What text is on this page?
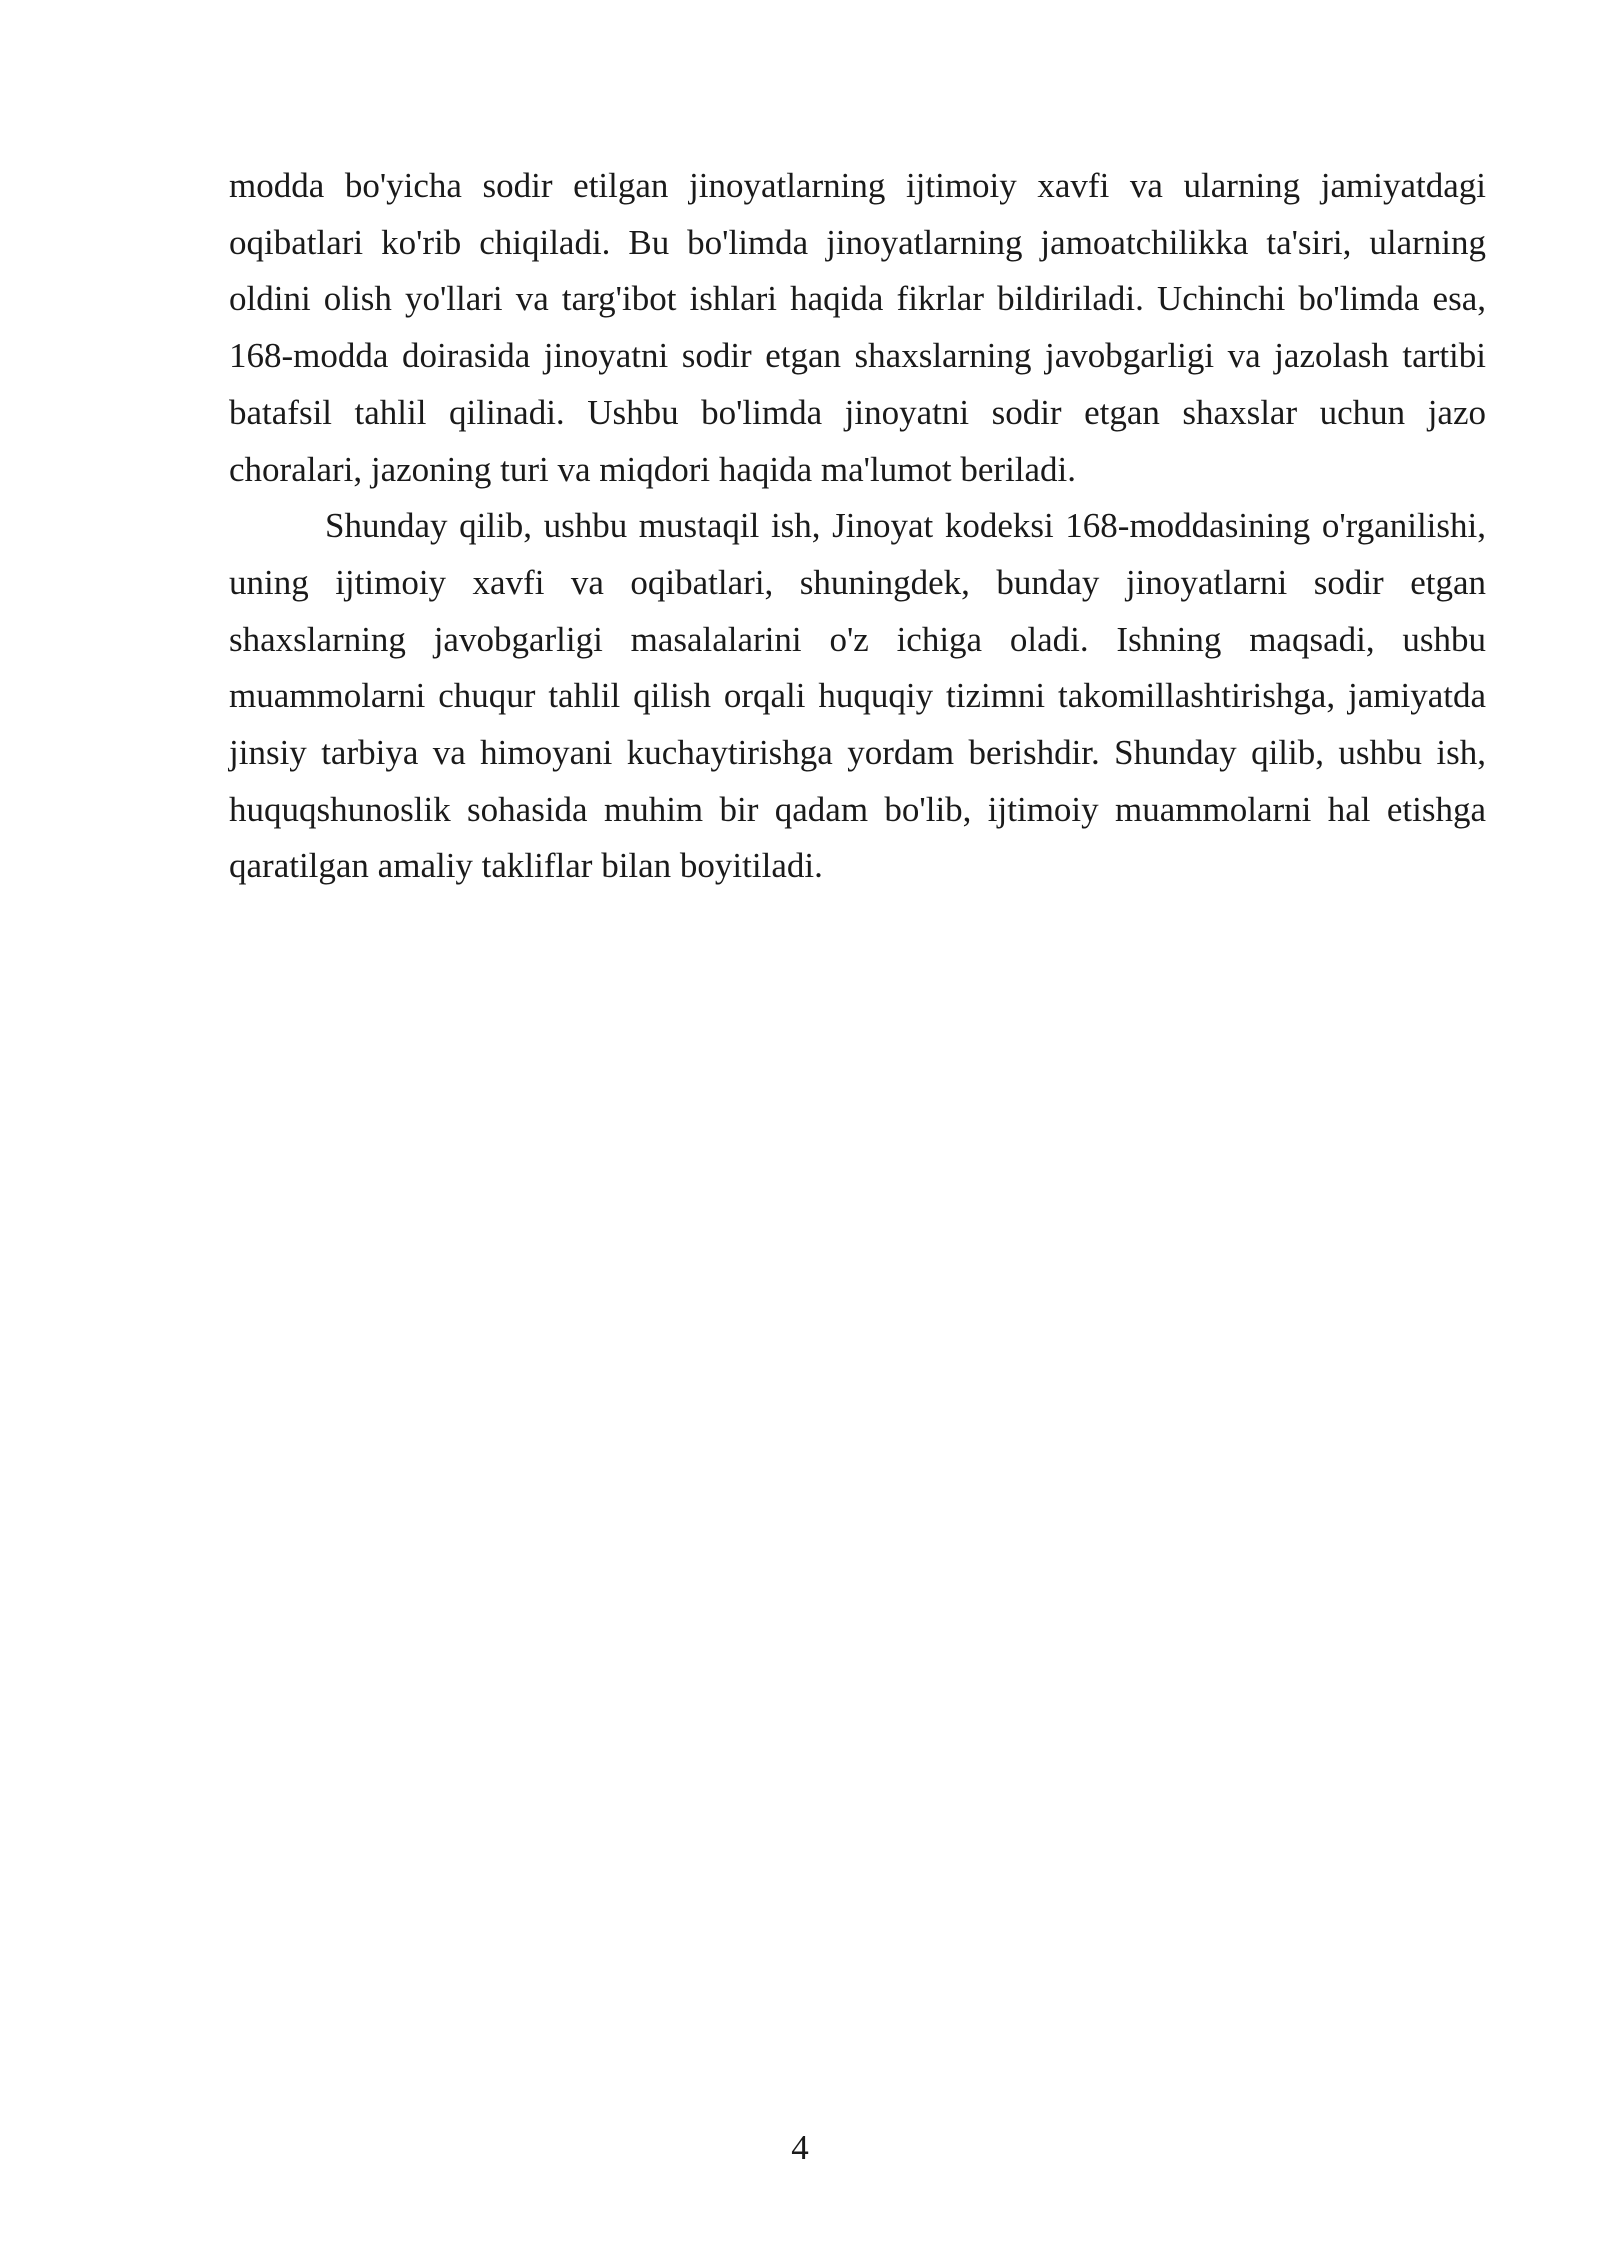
modda bo'yicha sodir etilgan jinoyatlarning ijtimoiy xavfi va ularning jamiyatdagi oqibatlari ko'rib chiqiladi. Bu bo'limda jinoyatlarning jamoatchilikka ta'siri, ularning oldini olish yo'llari va targ'ibot ishlari haqida fikrlar bildiriladi. Uchinchi bo'limda esa, 168-modda doirasida jinoyatni sodir etgan shaxslarning javobgarligi va jazolash tartibi batafsil tahlil qilinadi. Ushbu bo'limda jinoyatni sodir etgan shaxslar uchun jazo choralari, jazoning turi va miqdori haqida ma'lumot beriladi.

Shunday qilib, ushbu mustaqil ish, Jinoyat kodeksi 168-moddasining o'rganilishi, uning ijtimoiy xavfi va oqibatlari, shuningdek, bunday jinoyatlarni sodir etgan shaxslarning javobgarligi masalalarini o'z ichiga oladi. Ishning maqsadi, ushbu muammolarni chuqur tahlil qilish orqali huquqiy tizimni takomillashtirishga, jamiyatda jinsiy tarbiya va himoyani kuchaytirishga yordam berishdir. Shunday qilib, ushbu ish, huquqshunoslik sohasida muhim bir qadam bo'lib, ijtimoiy muammolarni hal etishga qaratilgan amaliy takliflar bilan boyitiladi.

4
